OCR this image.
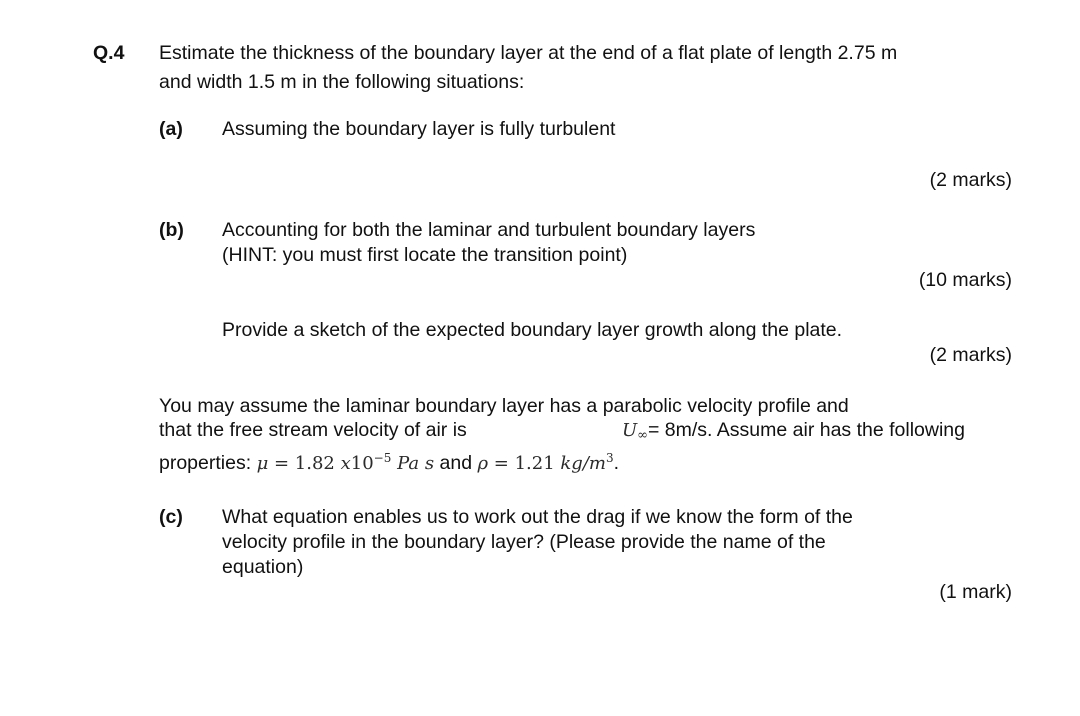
Q.4 Estimate the thickness of the boundary layer at the end of a flat plate of length 2.75 m
and width 1.5 m in the following situations:
(a) Assuming the boundary layer is fully turbulent
(2 marks)
(b) Accounting for both the laminar and turbulent boundary layers
(HINT: you must first locate the transition point)
(10 marks)
Provide a sketch of the expected boundary layer growth along the plate.
(2 marks)
You may assume the laminar boundary layer has a parabolic velocity profile and
that the free stream velocity of air is	$U_\infty= 8m/s$. Assume air has the following
properties: μ = 1.82 $x10^{-5}$ Pa s and ρ = 1.21 $kg/m^3$.
(c) What equation enables us to work out the drag if we know the form of the
velocity profile in the boundary layer? (Please provide the name of the
equation)
(1 mark)
